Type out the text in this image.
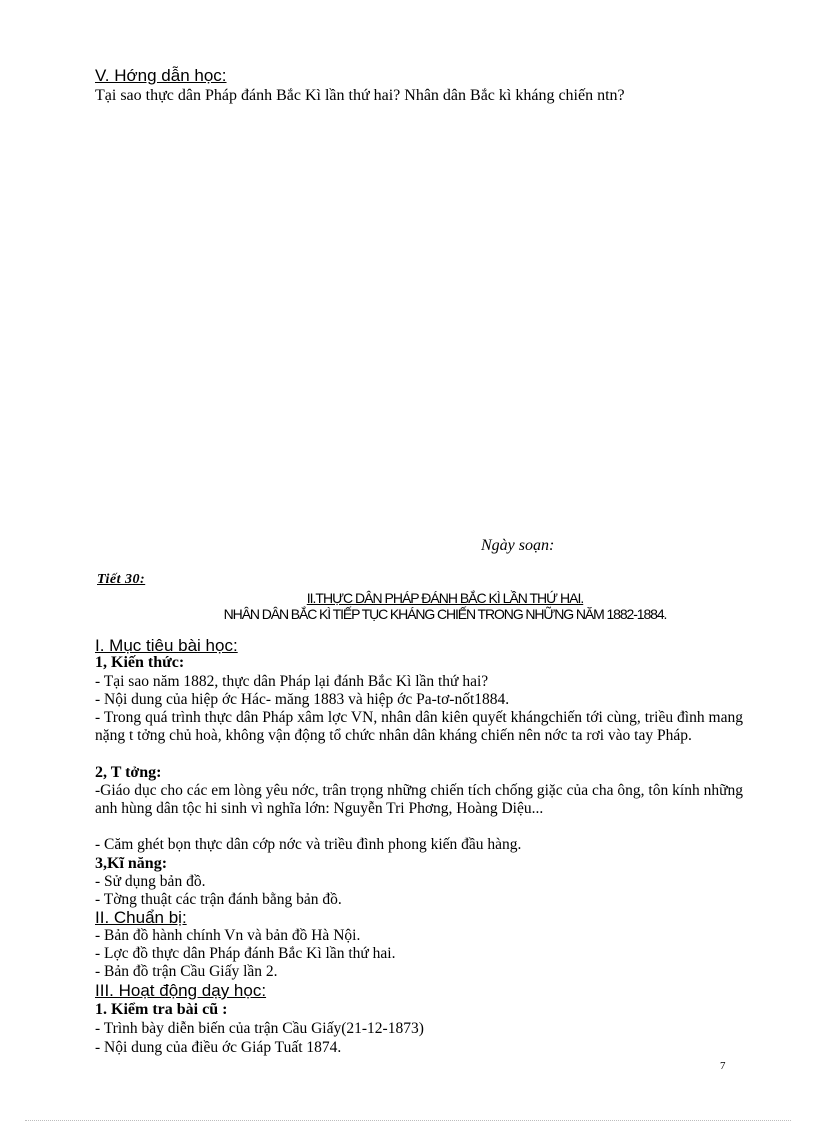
V. Hớng dẫn học:
Tại sao thực dân Pháp đánh Bắc Kì lần thứ hai? Nhân dân Bắc kì kháng chiến ntn?
Ngày soạn:
Tiết 30:
II.THỰC DÂN PHÁP ĐÁNH BẮC KÌ LẦN THỨ HAI.
NHÂN DÂN BẮC KÌ TIẾP TỤC KHÁNG CHIẾN TRONG NHỮNG NĂM 1882-1884.
I. Mục tiêu bài học:
1, Kiến thức:
- Tại sao năm 1882, thực dân Pháp lại đánh Bắc Kì lần thứ hai?
- Nội dung của hiệp ớc Hác- măng 1883 và hiệp ớc Pa-tơ-nốt1884.
- Trong quá trình thực dân Pháp xâm lợc VN, nhân dân kiên quyết khángchiến tới cùng, triều đình mang nặng t tởng chủ hoà, không vận động tổ chức nhân dân kháng chiến nên nớc ta rơi vào tay Pháp.
2, T tởng:
-Giáo dục cho các em lòng yêu nớc, trân trọng những chiến tích chống giặc của cha ông, tôn kính những anh hùng dân tộc hi sinh vì nghĩa lớn: Nguyễn Tri Phơng, Hoàng Diệu...
- Căm ghét bọn thực dân cớp nớc và triều đình phong kiến đầu hàng.
3,Kĩ năng:
- Sử dụng bản đồ.
- Tờng thuật các trận đánh bằng bản đồ.
II. Chuẩn bị:
- Bản đồ hành chính Vn và bản đồ Hà Nội.
- Lợc đồ thực dân Pháp đánh Bắc Kì lần thứ hai.
- Bản đồ trận Cầu Giấy lần 2.
III. Hoạt động dạy học:
1. Kiểm tra bài cũ :
- Trình bày diễn biến của trận Cầu Giấy(21-12-1873)
- Nội dung của điều ớc Giáp Tuất 1874.
7
